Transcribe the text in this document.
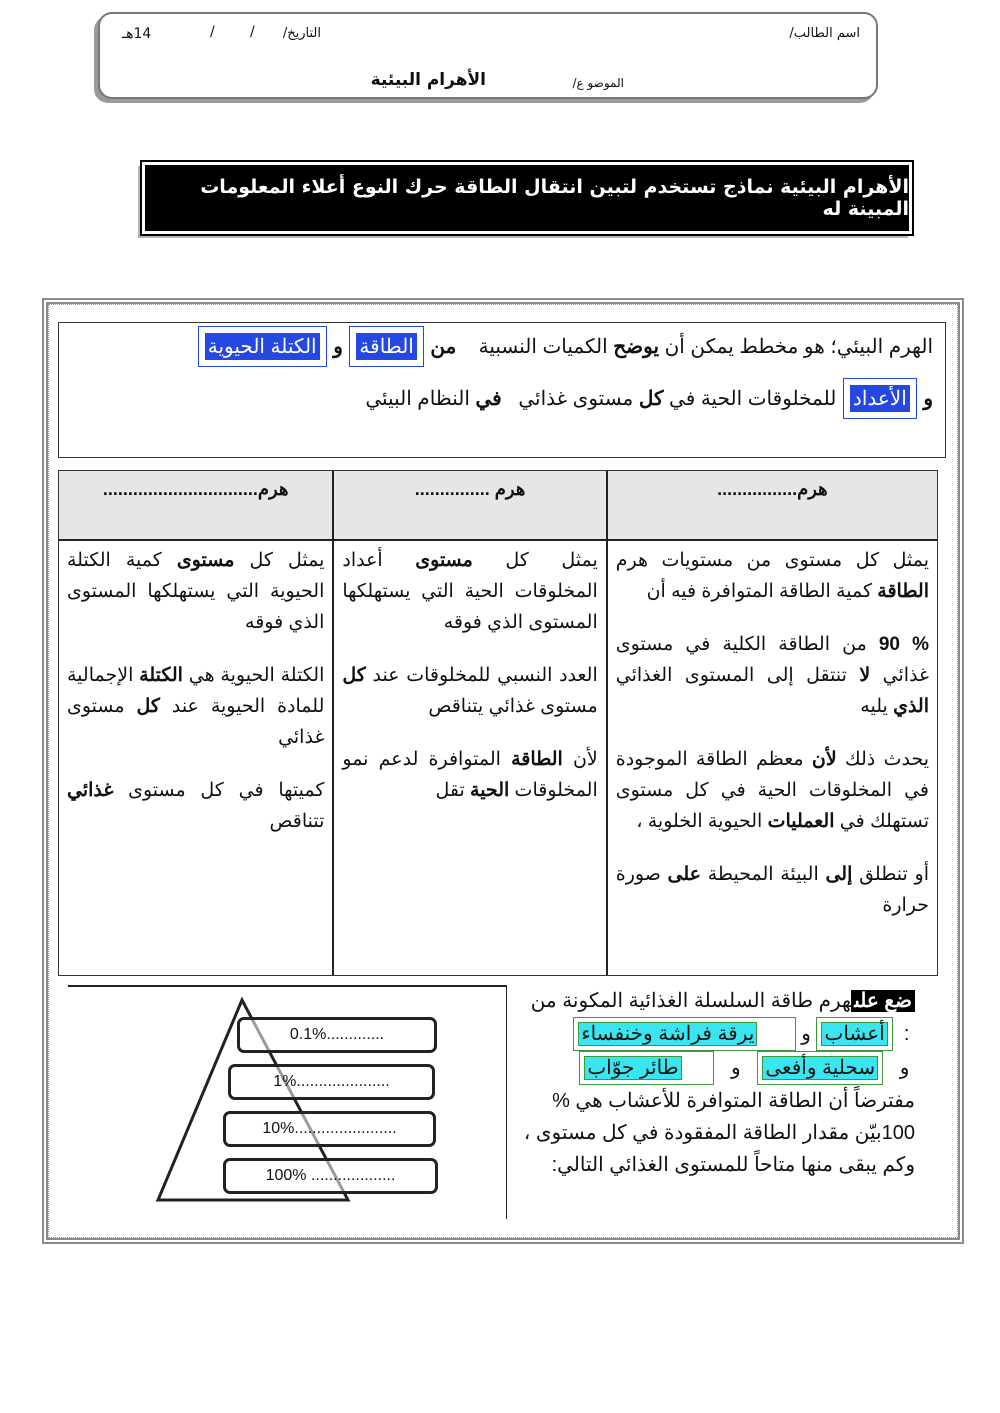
اسم الطالب/
التاريخ/
/
/
14هـ
الموضو ع/
الأهرام البيئية
الأهرام البيئية نماذج تستخدم لتبين انتقال الطاقة حرك النوع أعلاء المعلومات المبينة له
الهرم البيئي؛ هو مخطط يمكن أن يوضح الكميات النسبية    من الطاقة و الكتلة الحيوية
و الأعداد للمخلوقات الحية في كل مستوى غذائي   في النظام البيئي
هرم................

يمثل كل مستوى من مستويات هرم الطاقة كمية الطاقة المتوافرة فيه أن

% 90 من الطاقة الكلية في مستوى غذائي لا تنتقل إلى المستوى الغذائي الذي يليه

يحدث ذلك لأن معظم الطاقة الموجودة في المخلوقات الحية في كل مستوى تستهلك في العمليات الحيوية الخلوية ،

أو تنطلق إلى البيئة المحيطة على صورة حرارة

هرم ...............

يمثل كل مستوى أعداد المخلوقات الحية التي يستهلكها المستوى الذي فوقه

العدد النسبي للمخلوقات عند كل مستوى غذائي يتناقص

لأن الطاقة المتوافرة لدعم نمو المخلوقات الحية تقل

هرم...............................

يمثل كل مستوى كمية الكتلة الحيوية التي يستهلكها المستوى الذي فوقه

الكتلة الحيوية هي الكتلة الإجمالية للمادة الحيوية عند كل مستوى غذائي

كميتها في كل مستوى غذائي تتناقص

ضع علىهرم طاقة السلسلة الغذائية المكونة من
:  أعشاب و       يرقة فراشة وخنفساء
و   سحلية وأفعى   و        طائر جوّاب
مفترضاً أن الطاقة المتوافرة للأعشاب هي % 100بيّن مقدار الطاقة المفقودة في كل مستوى ، وكم يبقى منها متاحاً للمستوى الغذائي التالي:
0.1%.............
1%.....................
10%.......................
100% ...................
